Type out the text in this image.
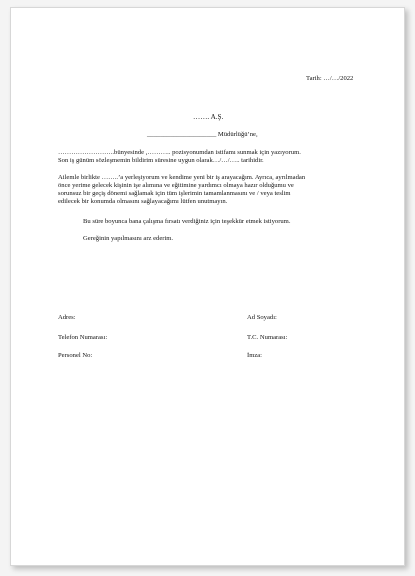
Tarih: …/…/2022
……. A.Ş.
_____________________ Müdürlüğü’ne,
……………………..bünyesinde ,……….. pozisyonumdan istifamı sunmak için yazıyorum.
Son iş günüm sözleşmemin bildirim süresine uygun olarak…/…/….. tarihidir.
Ailemle birlikte ……..’a yerleşiyorum ve kendime yeni bir iş arayacağım. Ayrıca, ayrılmadan
önce yerime gelecek kişinin işe alımına ve eğitimine yardımcı olmaya hazır olduğumu ve
sorunsuz bir geçiş dönemi sağlamak için tüm işlerimin tamamlanmasını ve / veya teslim
edilecek bir konumda olmasını sağlayacağımı lütfen unutmayın.
Bu süre boyunca bana çalışma fırsatı verdiğiniz için teşekkür etmek istiyorum.
Gereğinin yapılmasını arz ederim.
Adres:
Telefon Numarası:
Personel No:
Ad Soyadı:
T.C. Numarası:
İmza:
